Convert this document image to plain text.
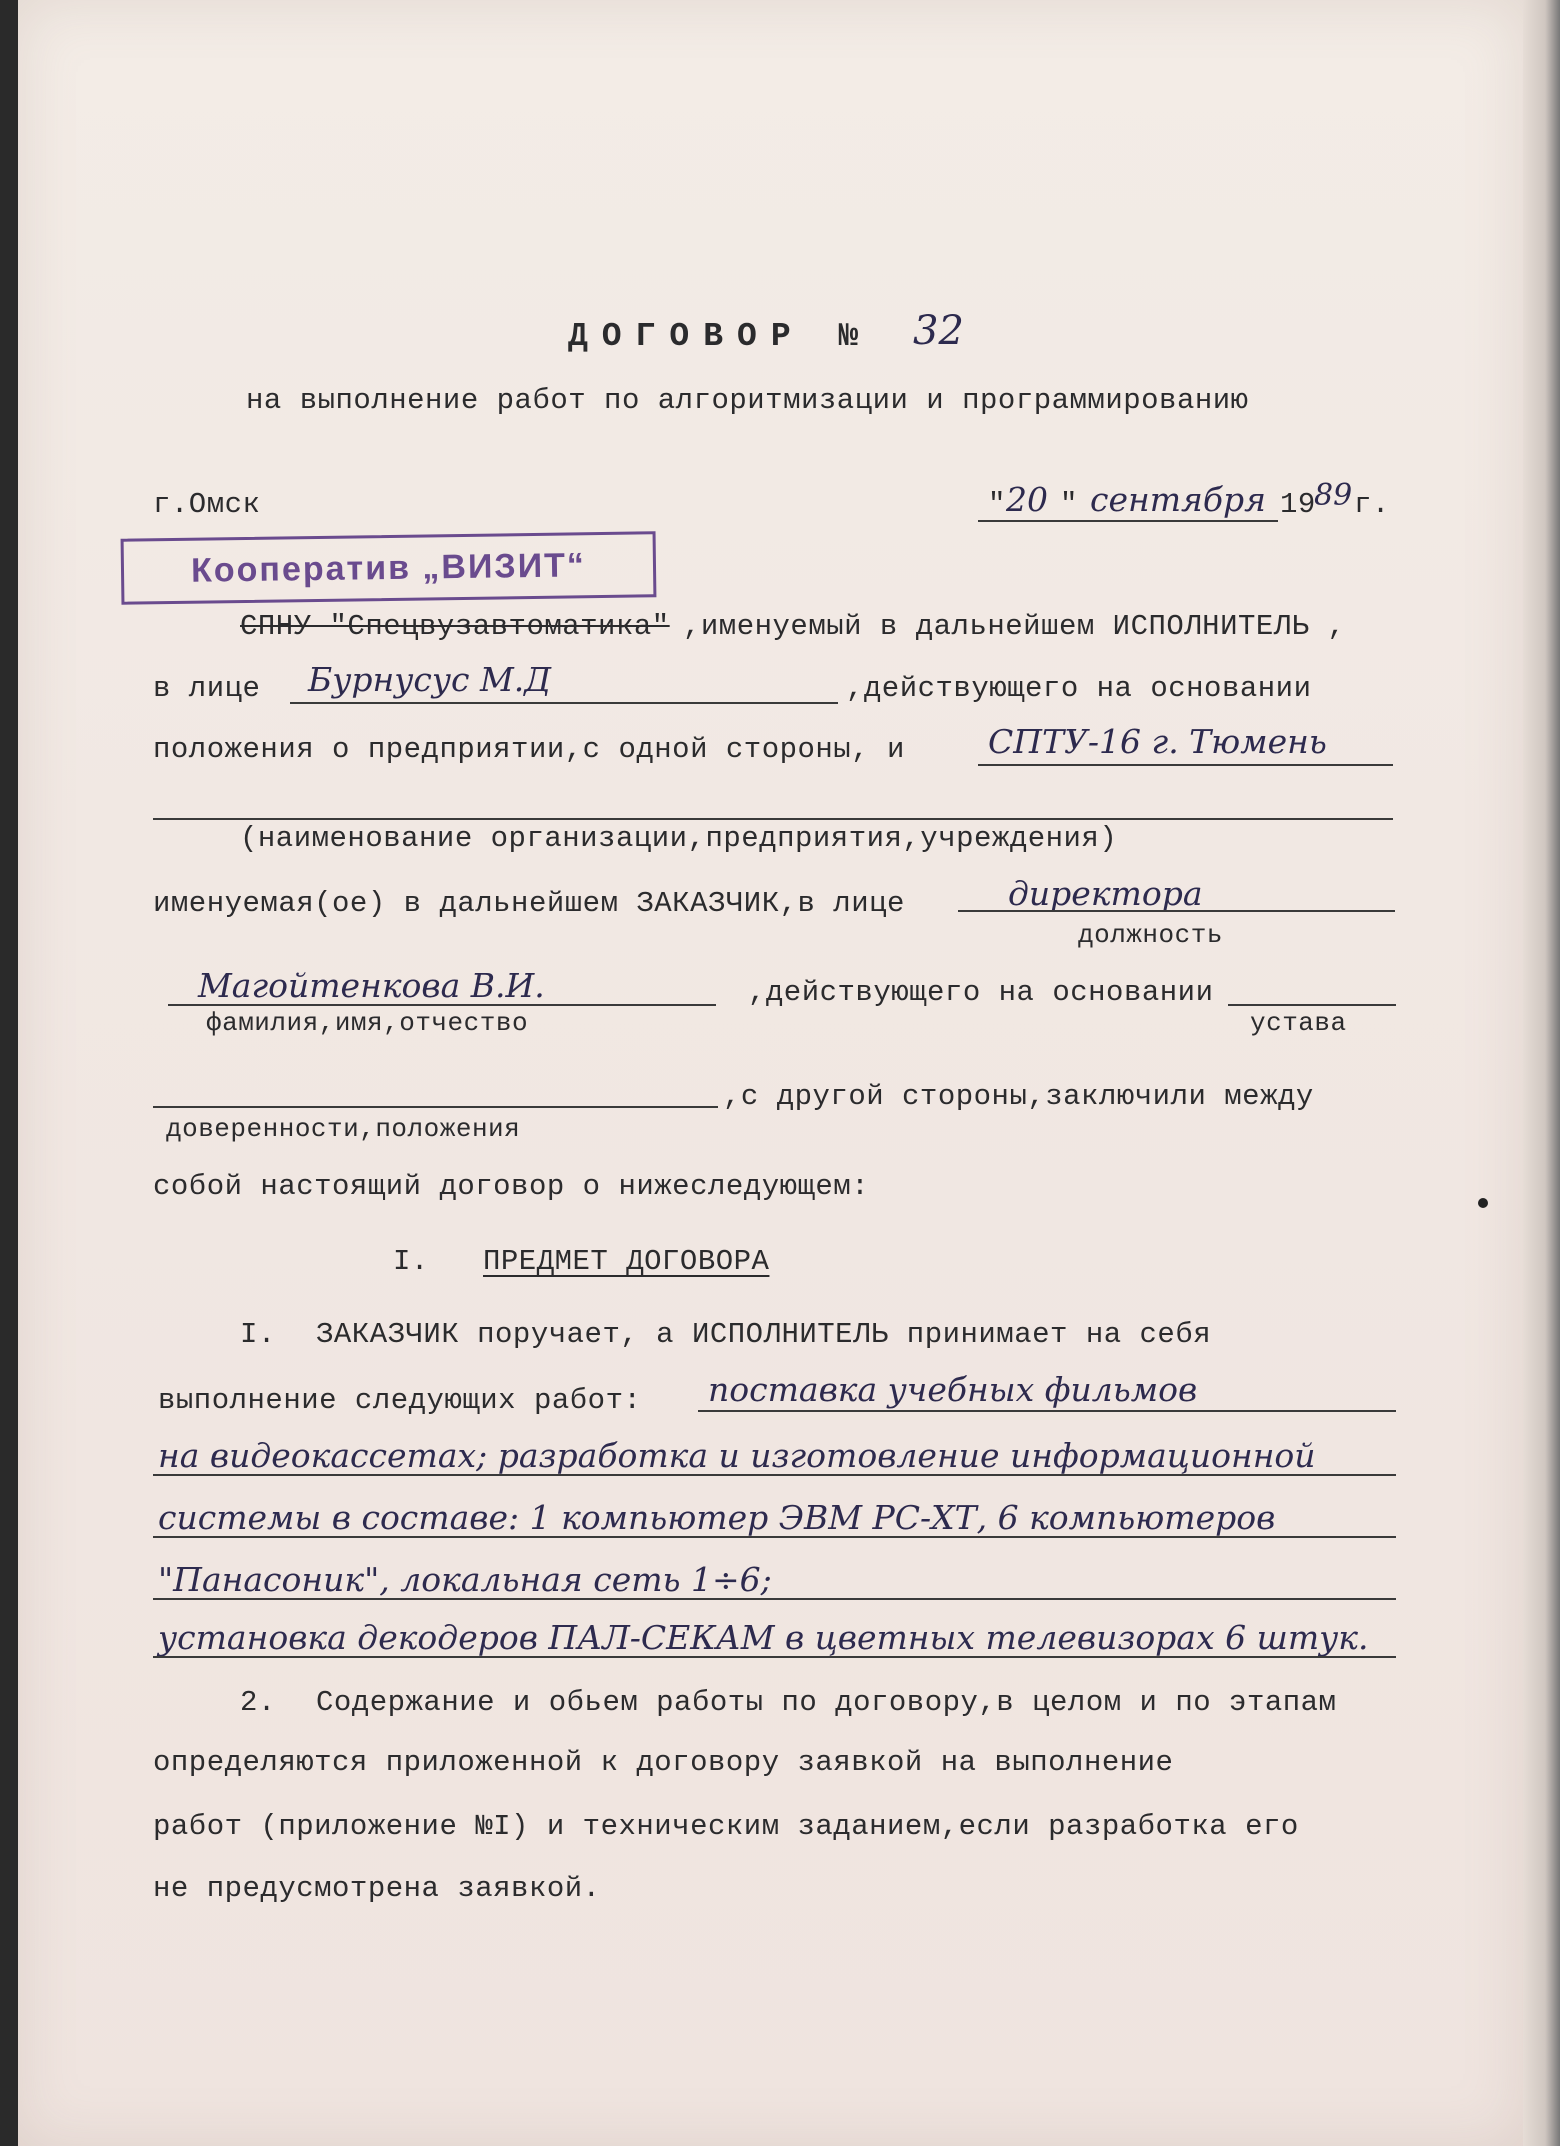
ДОГОВОР № 32
на выполнение работ по алгоритмизации и программированию
г.Омск	" 20 " сентября 19
89 г.
Кооператив „ВИЗИТ“
СПНУ "Спецвузавтоматика" ,именуемый в дальнейшем ИСПОЛНИТЕЛЬ ,
в лице Бурнусус М.Д	,действующего на основании
положения о предприятии,с одной стороны, и	СПТУ-16 г. Тюмень
(наименование организации,предприятия,учреждения)
именуемая(ое) в дальнейшем ЗАКАЗЧИК,в лице	директора
должность
Магойтенкова В.И.	,действующего на основании
фамилия,имя,отчество	устава
,с другой стороны,заключили между
доверенности,положения
собой настоящий договор о нижеследующем:
I. ПРЕДМЕТ ДОГОВОРА
I. ЗАКАЗЧИК поручает, а ИСПОЛНИТЕЛЬ принимает на себя
выполнение следующих работ: поставка учебных фильмов
на видеокассетах; разработка и изготовление информационной
системы в составе: 1 компьютер ЭВМ РС-ХТ, 6 компьютеров
"Панасоник", локальная сеть 1÷6;
установка декодеров ПАЛ-СЕКАМ в цветных телевизорах 6 штук.
2. Содержание и обьем работы по договору,в целом и по этапам
определяются приложенной к договору заявкой на выполнение
работ (приложение №I) и техническим заданием,если разработка его
не предусмотрена заявкой.
